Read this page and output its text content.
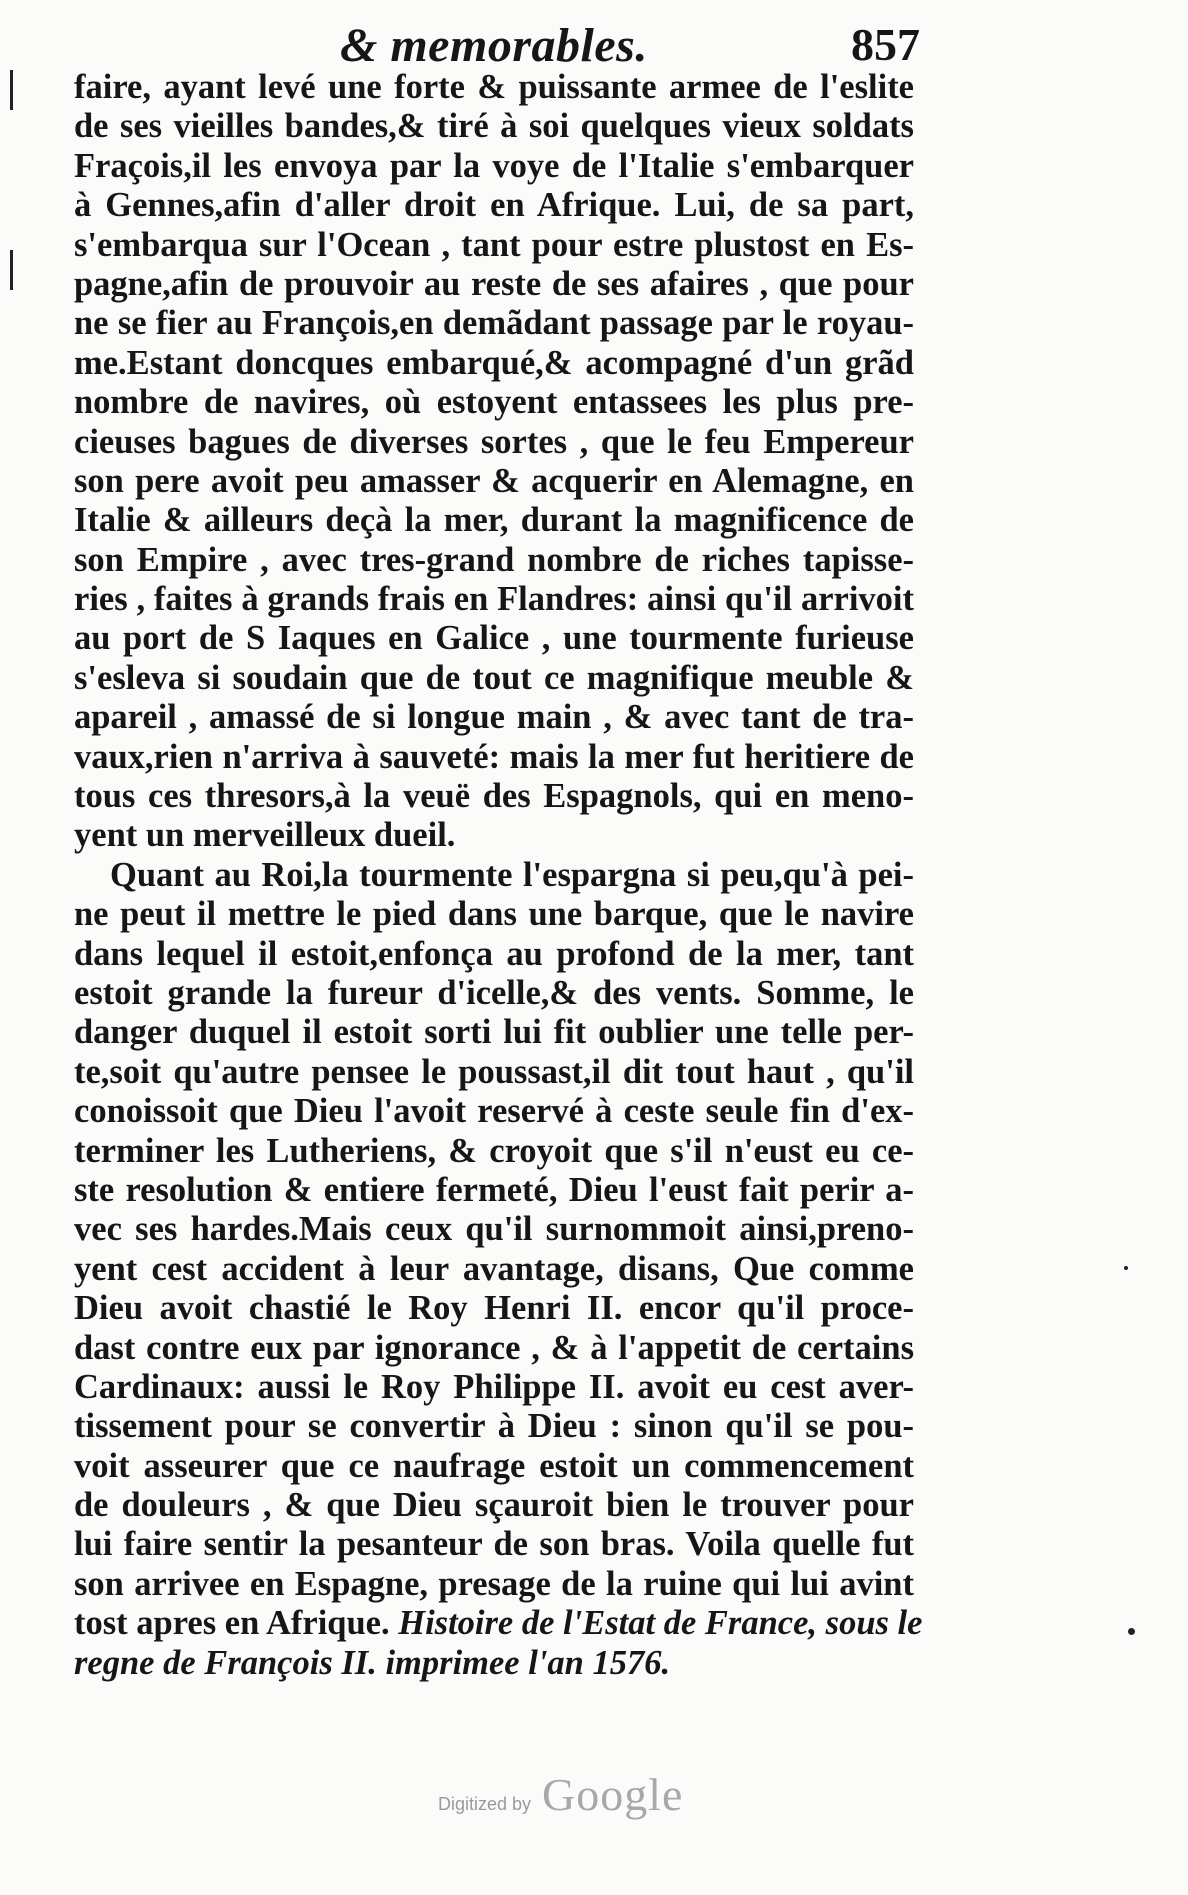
& memorables.	857
faire, ayant levé une forte & puissante armee de l'eslite
de ses vieilles bandes,& tiré à soi quelques vieux soldats
Fraçois,il les envoya par la voye de l'Italie s'embarquer
à Gennes,afin d'aller droit en Afrique. Lui, de sa part,
s'embarqua sur l'Ocean , tant pour estre plustost en Es-
pagne,afin de prouvoir au reste de ses afaires , que pour
ne se fier au François,en demãdant passage par le royau-
me.Estant doncques embarqué,& acompagné d'un grãd
nombre de navires, où estoyent entassees les plus pre-
cieuses bagues de diverses sortes , que le feu Empereur
son pere avoit peu amasser & acquerir en Alemagne, en
Italie & ailleurs deçà la mer, durant la magnificence de
son Empire , avec tres-grand nombre de riches tapisse-
ries , faites à grands frais en Flandres: ainsi qu'il arrivoit
au port de S Iaques en Galice , une tourmente furieuse
s'esleva si soudain que de tout ce magnifique meuble &
apareil , amassé de si longue main , & avec tant de tra-
vaux,rien n'arriva à sauveté: mais la mer fut heritiere de
tous ces thresors,à la veuë des Espagnols, qui en meno-
yent un merveilleux dueil.
Quant au Roi,la tourmente l'espargna si peu,qu'à pei-
ne peut il mettre le pied dans une barque, que le navire
dans lequel il estoit,enfonça au profond de la mer, tant
estoit grande la fureur d'icelle,& des vents. Somme, le
danger duquel il estoit sorti lui fit oublier une telle per-
te,soit qu'autre pensee le poussast,il dit tout haut , qu'il
conoissoit que Dieu l'avoit reservé à ceste seule fin d'ex-
terminer les Lutheriens, & croyoit que s'il n'eust eu ce-
ste resolution & entiere fermeté, Dieu l'eust fait perir a-
vec ses hardes.Mais ceux qu'il surnommoit ainsi,preno-
yent cest accident à leur avantage, disans, Que comme
Dieu avoit chastié le Roy Henri II. encor qu'il proce-
dast contre eux par ignorance , & à l'appetit de certains
Cardinaux: aussi le Roy Philippe II. avoit eu cest aver-
tissement pour se convertir à Dieu : sinon qu'il se pou-
voit asseurer que ce naufrage estoit un commencement
de douleurs , & que Dieu sçauroit bien le trouver pour
lui faire sentir la pesanteur de son bras. Voila quelle fut
son arrivee en Espagne, presage de la ruine qui lui avint
tost apres en Afrique. Histoire de l'Estat de France, sous le
regne de François II. imprimee l'an 1576.
Digitized by Google
